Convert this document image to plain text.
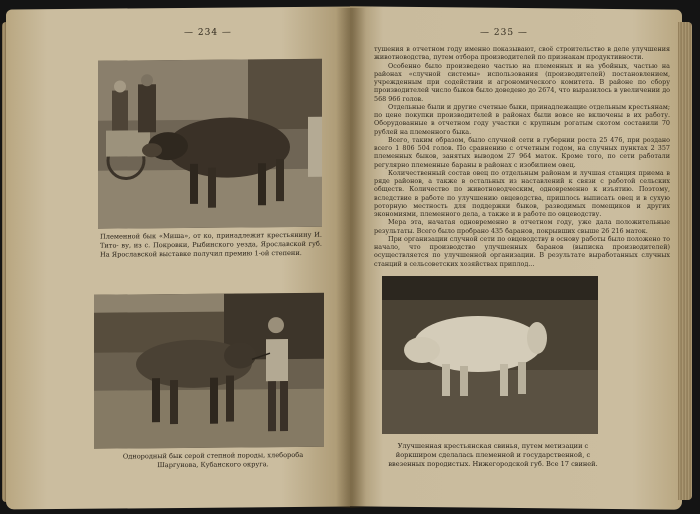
— 234 —
Племенной бык «Миша», от ко, принадлежит крестьянину И. Тито- ву, из с. Покровки, Рыбинского уезда, Ярославской губ. На Ярославской выставке получил премию 1-ой степени.
Однородный бык серой степной породы, хлебороба Шаргунова, Кубанского округа.
— 235 —

тушения в отчетном году именно показывают, своё строительство в деле улучшения животноводства, путем отбора производителей по признакам продуктивности.

Особенно было произведено частью на племенных и на убойных, частью на районах «случной системы» использования (производителей) постановлением, учрежденным при содействии и агрономического комитета. В районе по сбору производителей число быков было доведено до 2674, что выразилось в увеличении до 568 966 голов.

Отдельные были и другие счетные быки, принадлежащие отдельным крестьянам; по цене покупки производителей в районах были вовсе не включены в их работу. Оборудованные в отчетном году участки с крупным рогатым скотом составили 70 рублей на племенного быка.

Всего, таким образом, было случной сети в губернии роста 25 476, при роздано всего 1 806 504 голов. По сравнению с отчетным годом, на случных пунктах 2 357 племенных быков, занятых выводом 27 964 маток. Кроме того, по сети работали регулярно племенные бараны в районах с изобилием овец.

Количественный состав овец по отдельным районам и лучшая станция приема в ряде районов, а также в остальных из наставлений к связи с работой сельских обществ. Количество по животноводческим, одновременно к изъятию. Поэтому, вследствие в работе по улучшению овцеводства, пришлось выписать овец и в сухую роторную местность для поддержки быков, разводимых помещиков и других экономиями, племенного дела, а также и в работе по овцеводству.

Мера эта, начатая одновременно в отчетном году, уже дала положительные результаты. Всего было пробрано 435 баранов, покрывших свыше 26 216 маток.

При организации случной сети по овцеводству в основу работы было положено то начало, что производство улучшенных баранов (выписка производителей) осуществляется по улучшенной организации. В результате выработанных случных станций в сельсоветских хозяйствах приплод...

Улучшенная крестьянская свинья, путем метизации с йоркширом сделалась племенной и государственной, с ввезенных породистых. Нижегородской губ. Все 17 свиней.
